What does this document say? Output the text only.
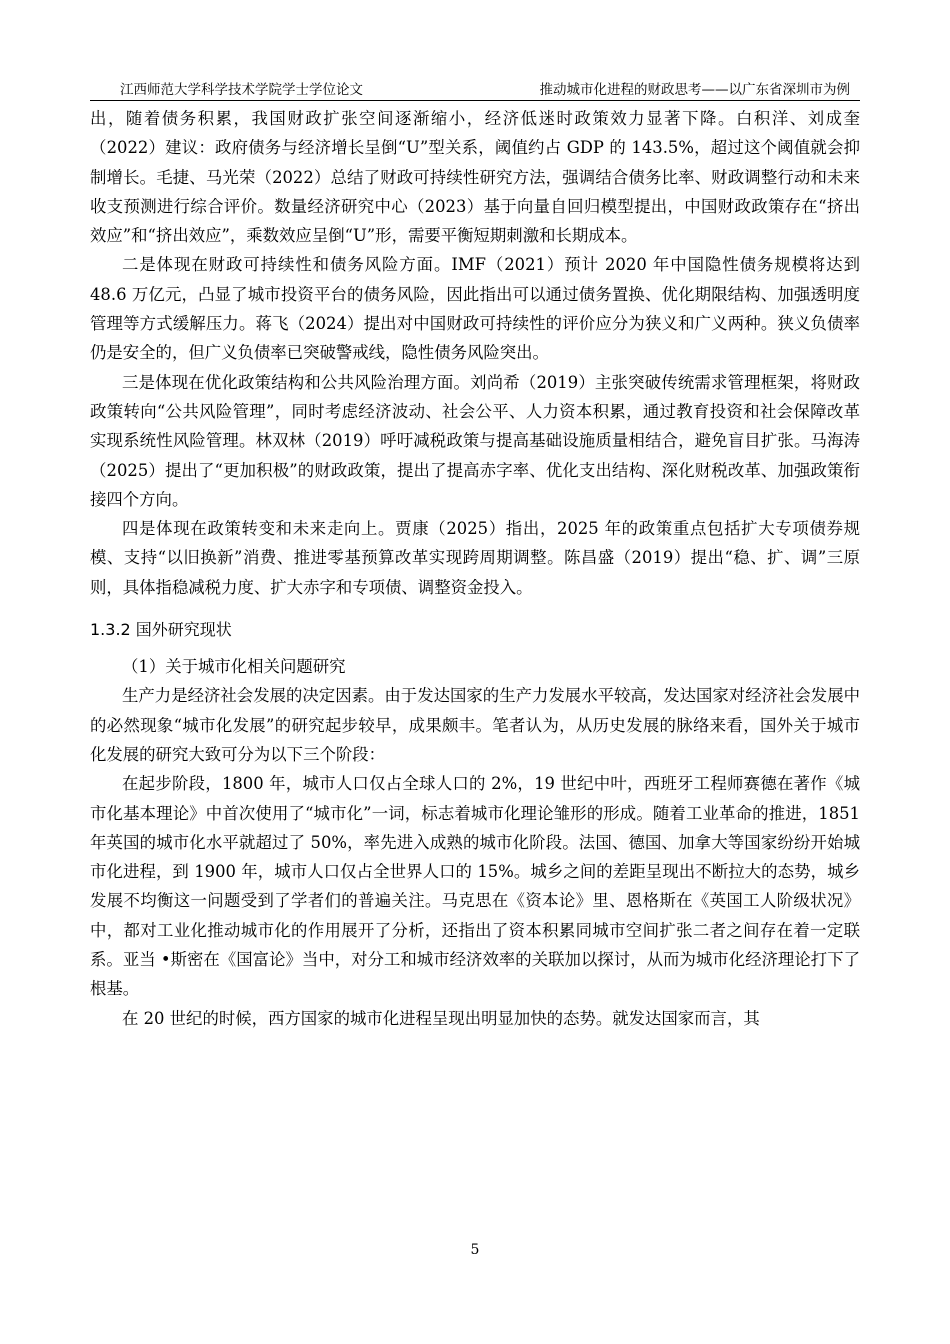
江西师范大学科学技术学院学士学位论文	推动城市化进程的财政思考——以广东省深圳市为例

出，随着债务积累，我国财政扩张空间逐渐缩小，经济低迷时政策效力显著下降。白积洋、刘成奎（2022）建议：政府债务与经济增长呈倒“U”型关系，阈值约占 GDP 的 143.5%，超过这个阈值就会抑制增长。毛捷、马光荣（2022）总结了财政可持续性研究方法，强调结合债务比率、财政调整行动和未来收支预测进行综合评价。数量经济研究中心（2023）基于向量自回归模型提出，中国财政政策存在“挤出效应”和“挤出效应”，乘数效应呈倒“U”形，需要平衡短期刺激和长期成本。

二是体现在财政可持续性和债务风险方面。IMF（2021）预计 2020 年中国隐性债务规模将达到 48.6 万亿元，凸显了城市投资平台的债务风险，因此指出可以通过债务置换、优化期限结构、加强透明度管理等方式缓解压力。蒋飞（2024）提出对中国财政可持续性的评价应分为狭义和广义两种。狭义负债率仍是安全的，但广义负债率已突破警戒线，隐性债务风险突出。

三是体现在优化政策结构和公共风险治理方面。刘尚希（2019）主张突破传统需求管理框架，将财政政策转向“公共风险管理”，同时考虑经济波动、社会公平、人力资本积累，通过教育投资和社会保障改革实现系统性风险管理。林双林（2019）呼吁减税政策与提高基础设施质量相结合，避免盲目扩张。马海涛（2025）提出了“更加积极”的财政政策，提出了提高赤字率、优化支出结构、深化财税改革、加强政策衔接四个方向。

四是体现在政策转变和未来走向上。贾康（2025）指出，2025 年的政策重点包括扩大专项债券规模、支持“以旧换新”消费、推进零基预算改革实现跨周期调整。陈昌盛（2019）提出“稳、扩、调”三原则，具体指稳减税力度、扩大赤字和专项债、调整资金投入。

1.3.2 国外研究现状

（1）关于城市化相关问题研究

生产力是经济社会发展的决定因素。由于发达国家的生产力发展水平较高，发达国家对经济社会发展中的必然现象“城市化发展”的研究起步较早，成果颇丰。笔者认为，从历史发展的脉络来看，国外关于城市化发展的研究大致可分为以下三个阶段：

在起步阶段，1800 年，城市人口仅占全球人口的 2%，19 世纪中叶，西班牙工程师赛德在著作《城市化基本理论》中首次使用了“城市化”一词，标志着城市化理论雏形的形成。随着工业革命的推进，1851 年英国的城市化水平就超过了 50%，率先进入成熟的城市化阶段。法国、德国、加拿大等国家纷纷开始城市化进程，到 1900 年，城市人口仅占全世界人口的 15%。城乡之间的差距呈现出不断拉大的态势，城乡发展不均衡这一问题受到了学者们的普遍关注。马克思在《资本论》里、恩格斯在《英国工人阶级状况》中，都对工业化推动城市化的作用展开了分析，还指出了资本积累同城市空间扩张二者之间存在着一定联系。亚当 •斯密在《国富论》当中，对分工和城市经济效率的关联加以探讨，从而为城市化经济理论打下了根基。

在 20 世纪的时候，西方国家的城市化进程呈现出明显加快的态势。就发达国家而言，其

5
